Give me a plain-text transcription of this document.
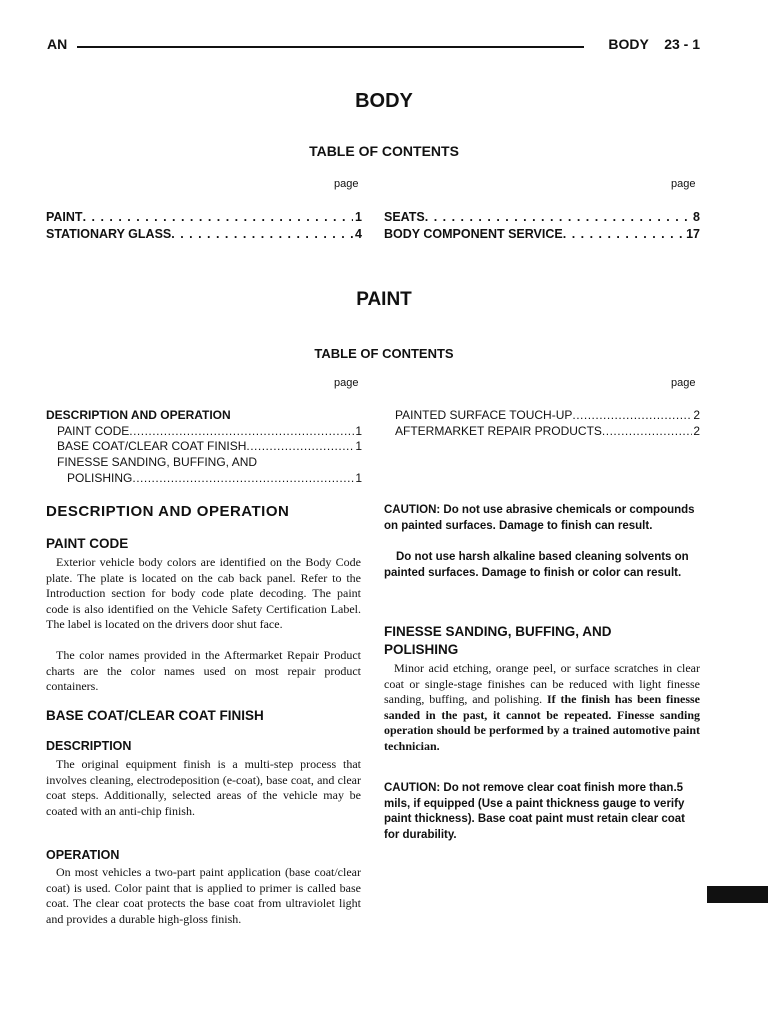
AN	BODY 23 - 1
BODY
TABLE OF CONTENTS
page	page
PAINT . . .	1
STATIONARY GLASS . . .	4
SEATS . . .	8
BODY COMPONENT SERVICE . . .	17
PAINT
TABLE OF CONTENTS
page	page
DESCRIPTION AND OPERATION
PAINT CODE .....	1
BASE COAT/CLEAR COAT FINISH .....	1
FINESSE SANDING, BUFFING, AND
POLISHING .....	1
PAINTED SURFACE TOUCH-UP .....	2
AFTERMARKET REPAIR PRODUCTS .....	2
DESCRIPTION AND OPERATION
PAINT CODE

Exterior vehicle body colors are identified on the Body Code plate. The plate is located on the cab back panel. Refer to the Introduction section for body code plate decoding. The paint code is also identified on the Vehicle Safety Certification Label. The label is located on the drivers door shut face.

The color names provided in the Aftermarket Repair Product charts are the color names used on most repair product containers.

BASE COAT/CLEAR COAT FINISH
DESCRIPTION

The original equipment finish is a multi-step process that involves cleaning, electrodeposition (e-coat), base coat, and clear coat steps. Additionally, selected areas of the vehicle may be coated with an anti-chip finish.

OPERATION

On most vehicles a two-part paint application (base coat/clear coat) is used. Color paint that is applied to primer is called base coat. The clear coat protects the base coat from ultraviolet light and provides a durable high-gloss finish.

CAUTION: Do not use abrasive chemicals or compounds on painted surfaces. Damage to finish can result.

Do not use harsh alkaline based cleaning solvents on painted surfaces. Damage to finish or color can result.

FINESSE SANDING, BUFFING, AND
POLISHING

Minor acid etching, orange peel, or surface scratches in clear coat or single-stage finishes can be reduced with light finesse sanding, buffing, and polishing. If the finish has been finesse sanded in the past, it cannot be repeated. Finesse sanding operation should be performed by a trained automotive paint technician.

CAUTION: Do not remove clear coat finish more than.5 mils, if equipped (Use a paint thickness gauge to verify paint thickness). Base coat paint must retain clear coat for durability.
